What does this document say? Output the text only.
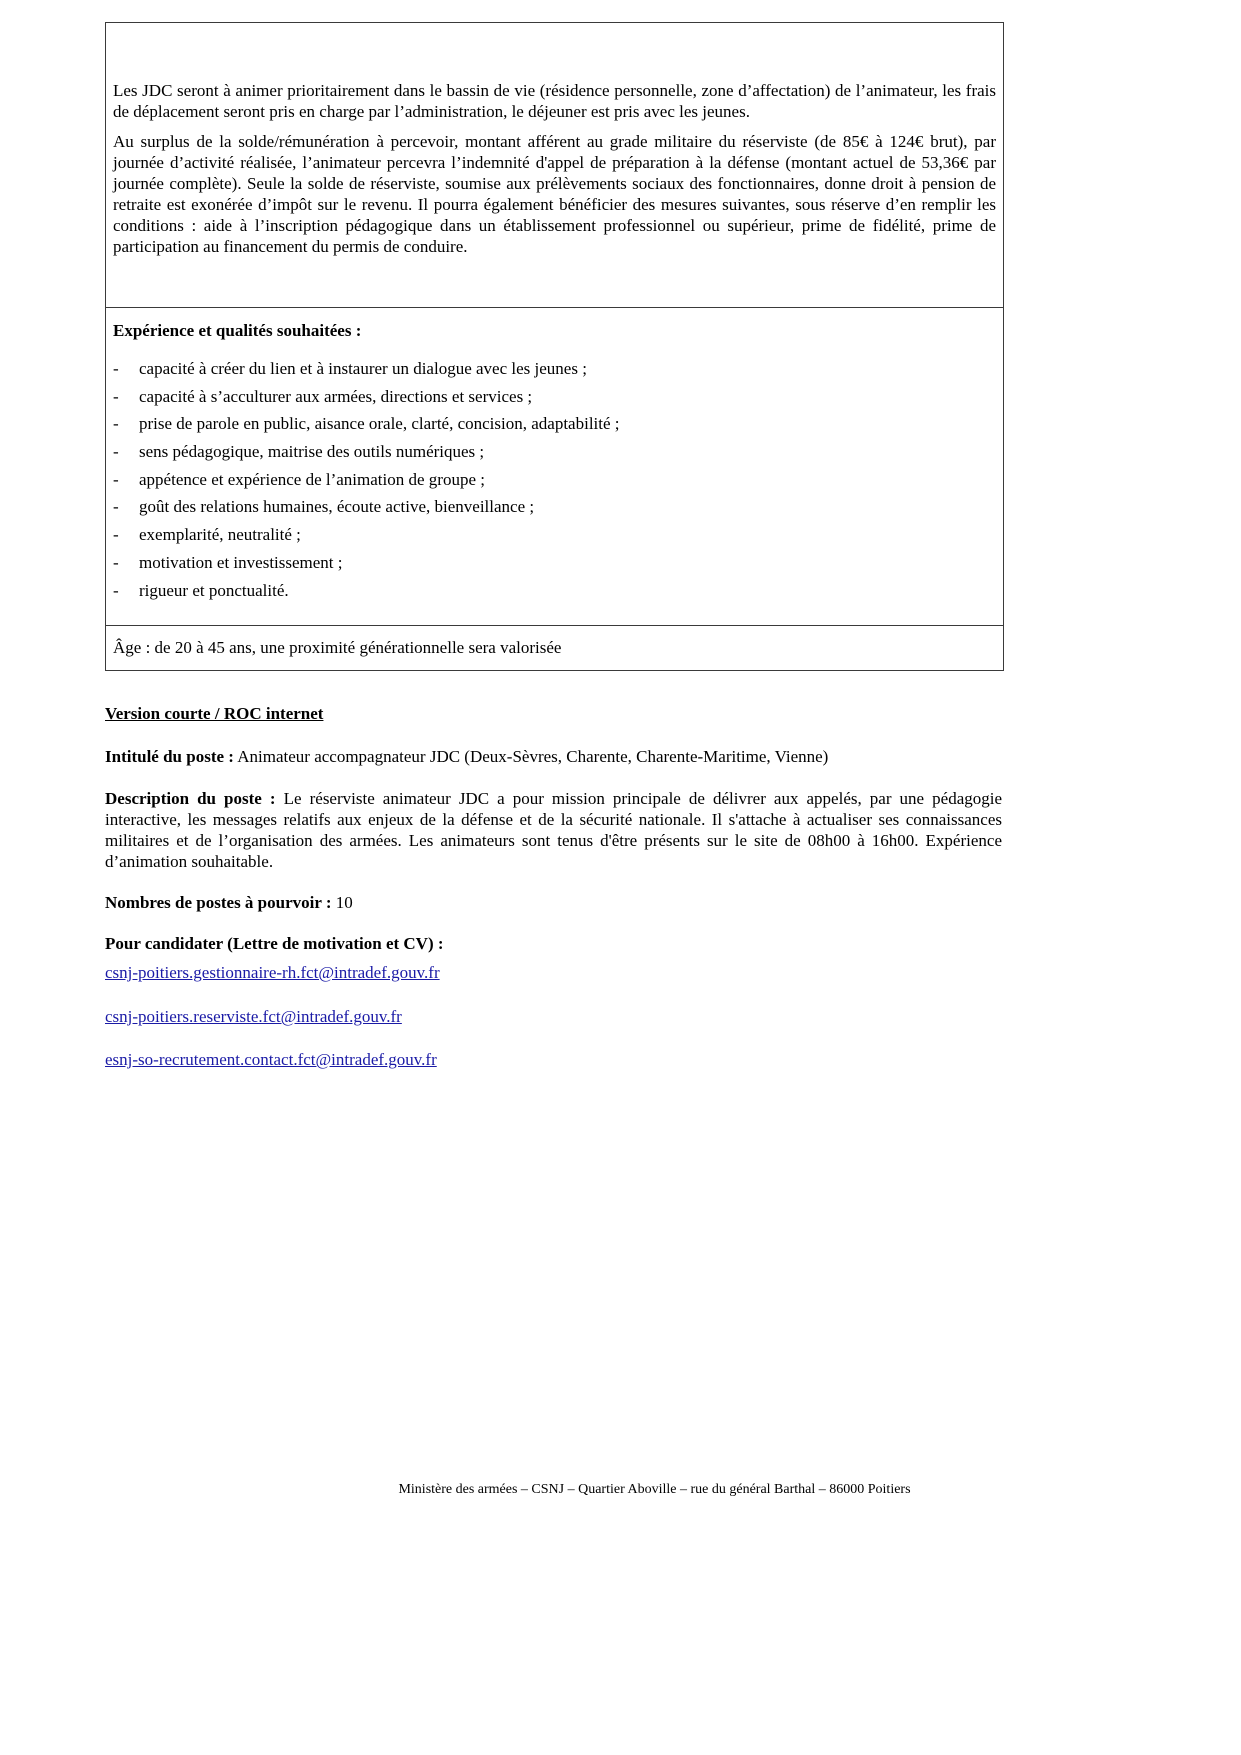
Les JDC seront à animer prioritairement dans le bassin de vie (résidence personnelle, zone d’affectation) de l’animateur, les frais de déplacement seront pris en charge par l’administration, le déjeuner est pris avec les jeunes.

Au surplus de la solde/rémunération à percevoir, montant afférent au grade militaire du réserviste (de 85€ à 124€ brut), par journée d’activité réalisée, l’animateur percevra l’indemnité d'appel de préparation à la défense (montant actuel de 53,36€ par journée complète). Seule la solde de réserviste, soumise aux prélèvements sociaux des fonctionnaires, donne droit à pension de retraite est exonérée d’impôt sur le revenu. Il pourra également bénéficier des mesures suivantes, sous réserve d’en remplir les conditions : aide à l’inscription pédagogique dans un établissement professionnel ou supérieur, prime de fidélité, prime de participation au financement du permis de conduire.

Expérience et qualités souhaitées :
- capacité à créer du lien et à instaurer un dialogue avec les jeunes ;
- capacité à s’acculturer aux armées, directions et services ;
- prise de parole en public, aisance orale, clarté, concision, adaptabilité ;
- sens pédagogique, maitrise des outils numériques ;
- appétence et expérience de l’animation de groupe ;
- goût des relations humaines, écoute active, bienveillance ;
- exemplarité, neutralité ;
- motivation et investissement ;
- rigueur et ponctualité.
Âge : de 20 à 45 ans, une proximité générationnelle sera valorisée
Version courte / ROC internet
Intitulé du poste : Animateur accompagnateur JDC (Deux-Sèvres, Charente, Charente-Maritime, Vienne)

Description du poste : Le réserviste animateur JDC a pour mission principale de délivrer aux appelés, par une pédagogie interactive, les messages relatifs aux enjeux de la défense et de la sécurité nationale. Il s'attache à actualiser ses connaissances militaires et de l’organisation des armées. Les animateurs sont tenus d'être présents sur le site de 08h00 à 16h00. Expérience d’animation souhaitable.

Nombres de postes à pourvoir : 10
Pour candidater (Lettre de motivation et CV) :
csnj-poitiers.gestionnaire-rh.fct@intradef.gouv.fr
csnj-poitiers.reserviste.fct@intradef.gouv.fr
esnj-so-recrutement.contact.fct@intradef.gouv.fr
Ministère des armées – CSNJ – Quartier Aboville – rue du général Barthal – 86000 Poitiers
